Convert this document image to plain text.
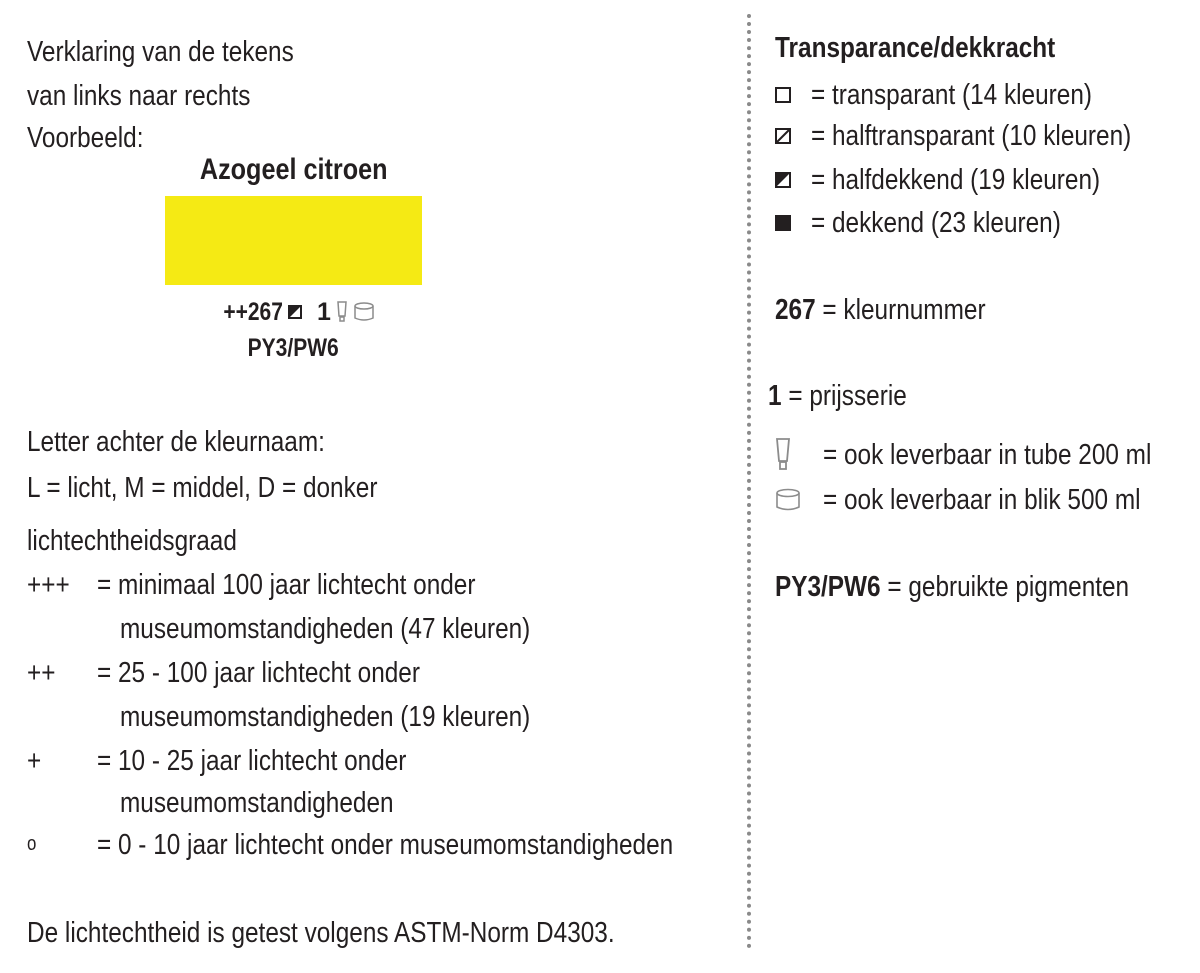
Verklaring van de tekens
van links naar rechts
Voorbeeld:
Azogeel citroen
++267 1
PY3/PW6
Letter achter de kleurnaam:
L = licht, M = middel, D = donker
lichtechtheidsgraad
+++ = minimaal 100 jaar lichtecht onder
museumomstandigheden (47 kleuren)
++ = 25 - 100 jaar lichtecht onder
museumomstandigheden (19 kleuren)
+ = 10 - 25 jaar lichtecht onder
museumomstandigheden
o = 0 - 10 jaar lichtecht onder museumomstandigheden
De lichtechtheid is getest volgens ASTM-Norm D4303.
Transparance/dekkracht
= transparant (14 kleuren)
= halftransparant (10 kleuren)
= halfdekkend (19 kleuren)
= dekkend (23 kleuren)
267 = kleurnummer
1 = prijsserie
= ook leverbaar in tube 200 ml
= ook leverbaar in blik 500 ml
PY3/PW6 = gebruikte pigmenten
